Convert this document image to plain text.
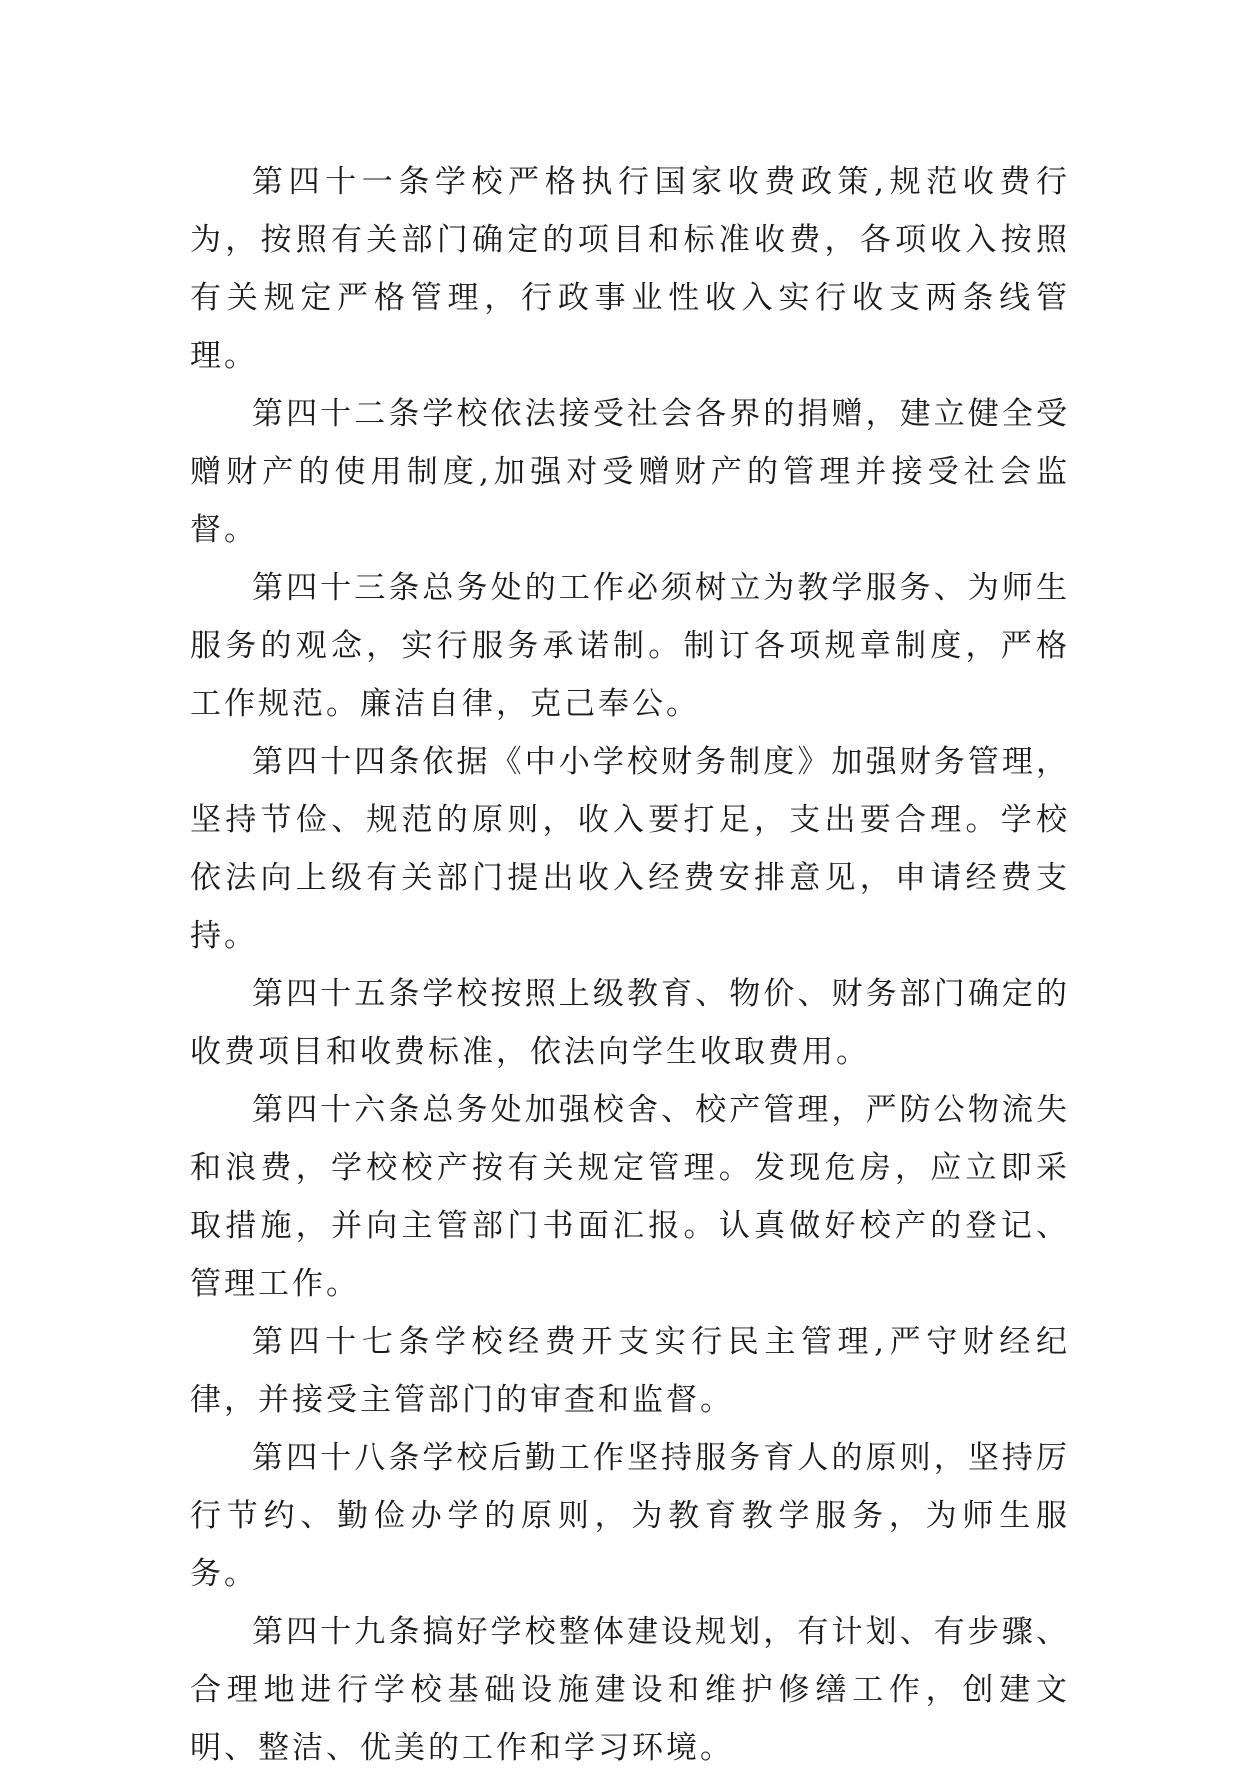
第四十一条学校严格执行国家收费政策,规范收费行为，按照有关部门确定的项目和标准收费，各项收入按照有关规定严格管理，行政事业性收入实行收支两条线管理。

第四十二条学校依法接受社会各界的捐赠，建立健全受赠财产的使用制度,加强对受赠财产的管理并接受社会监督。

第四十三条总务处的工作必须树立为教学服务、为师生服务的观念，实行服务承诺制。制订各项规章制度，严格工作规范。廉洁自律，克己奉公。

第四十四条依据《中小学校财务制度》加强财务管理，坚持节俭、规范的原则，收入要打足，支出要合理。学校依法向上级有关部门提出收入经费安排意见，申请经费支持。

第四十五条学校按照上级教育、物价、财务部门确定的收费项目和收费标准，依法向学生收取费用。

第四十六条总务处加强校舍、校产管理，严防公物流失和浪费，学校校产按有关规定管理。发现危房，应立即采取措施，并向主管部门书面汇报。认真做好校产的登记、管理工作。

第四十七条学校经费开支实行民主管理,严守财经纪律，并接受主管部门的审查和监督。

第四十八条学校后勤工作坚持服务育人的原则，坚持厉行节约、勤俭办学的原则，为教育教学服务，为师生服务。

第四十九条搞好学校整体建设规划，有计划、有步骤、合理地进行学校基础设施建设和维护修缮工作，创建文明、整洁、优美的工作和学习环境。
